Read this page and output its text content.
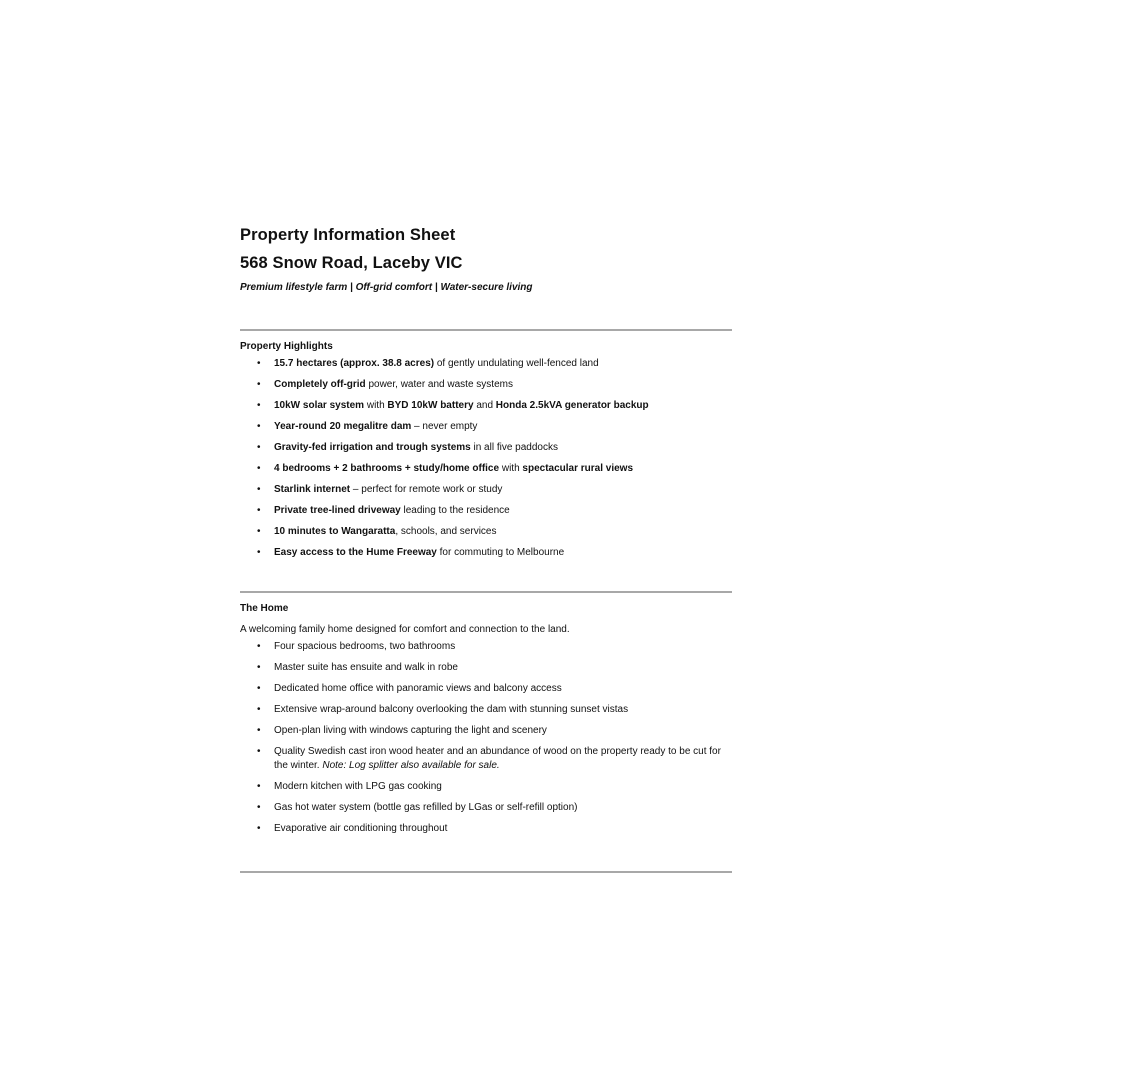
Property Information Sheet
568 Snow Road, Laceby VIC

Premium lifestyle farm | Off-grid comfort | Water-secure living

Property Highlights

• 15.7 hectares (approx. 38.8 acres) of gently undulating well-fenced land
• Completely off-grid power, water and waste systems
• 10kW solar system with BYD 10kW battery and Honda 2.5kVA generator backup
• Year-round 20 megalitre dam – never empty
• Gravity-fed irrigation and trough systems in all five paddocks
• 4 bedrooms + 2 bathrooms + study/home office with spectacular rural views
• Starlink internet – perfect for remote work or study
• Private tree-lined driveway leading to the residence
• 10 minutes to Wangaratta, schools, and services
• Easy access to the Hume Freeway for commuting to Melbourne

The Home

A welcoming family home designed for comfort and connection to the land.

• Four spacious bedrooms, two bathrooms
• Master suite has ensuite and walk in robe
• Dedicated home office with panoramic views and balcony access
• Extensive wrap-around balcony overlooking the dam with stunning sunset vistas
• Open-plan living with windows capturing the light and scenery
• Quality Swedish cast iron wood heater and an abundance of wood on the property ready to be cut for the winter. Note: Log splitter also available for sale.
• Modern kitchen with LPG gas cooking
• Gas hot water system (bottle gas refilled by LGas or self-refill option)
• Evaporative air conditioning throughout
